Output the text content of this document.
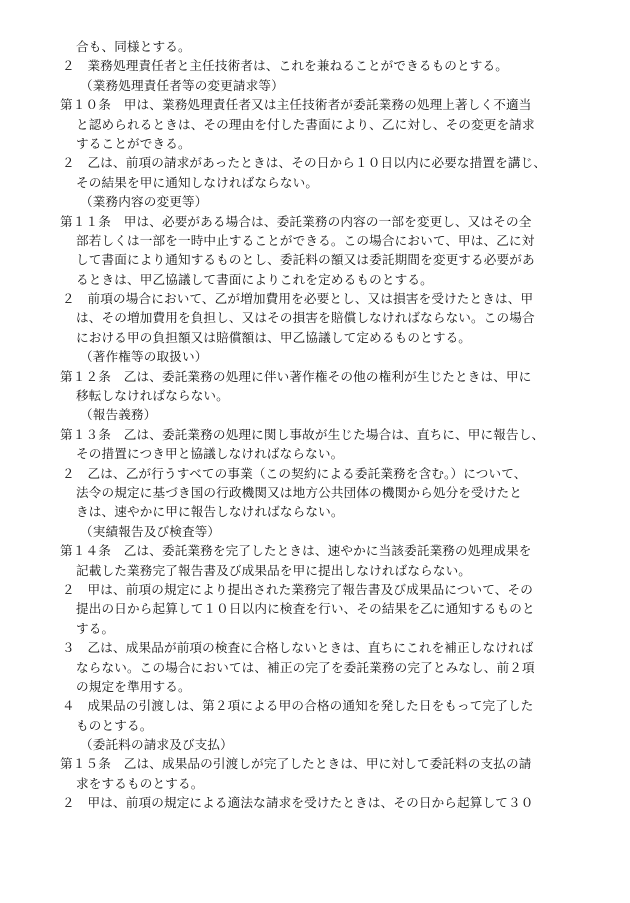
合も、同様とする。
２　業務処理責任者と主任技術者は、これを兼ねることができるものとする。
（業務処理責任者等の変更請求等）
第１０条　甲は、業務処理責任者又は主任技術者が委託業務の処理上著しく不適当
と認められるときは、その理由を付した書面により、乙に対し、その変更を請求
することができる。
２　乙は、前項の請求があったときは、その日から１０日以内に必要な措置を講じ、
その結果を甲に通知しなければならない。
（業務内容の変更等）
第１１条　甲は、必要がある場合は、委託業務の内容の一部を変更し、又はその全
部若しくは一部を一時中止することができる。この場合において、甲は、乙に対
して書面により通知するものとし、委託料の額又は委託期間を変更する必要があ
るときは、甲乙協議して書面によりこれを定めるものとする。
２　前項の場合において、乙が増加費用を必要とし、又は損害を受けたときは、甲
は、その増加費用を負担し、又はその損害を賠償しなければならない。この場合
における甲の負担額又は賠償額は、甲乙協議して定めるものとする。
（著作権等の取扱い）
第１２条　乙は、委託業務の処理に伴い著作権その他の権利が生じたときは、甲に
移転しなければならない。
（報告義務）
第１３条　乙は、委託業務の処理に関し事故が生じた場合は、直ちに、甲に報告し、
その措置につき甲と協議しなければならない。
２　乙は、乙が行うすべての事業（この契約による委託業務を含む。）について、
法令の規定に基づき国の行政機関又は地方公共団体の機関から処分を受けたと
きは、速やかに甲に報告しなければならない。
（実績報告及び検査等）
第１４条　乙は、委託業務を完了したときは、速やかに当該委託業務の処理成果を
記載した業務完了報告書及び成果品を甲に提出しなければならない。
２　甲は、前項の規定により提出された業務完了報告書及び成果品について、その
提出の日から起算して１０日以内に検査を行い、その結果を乙に通知するものと
する。
３　乙は、成果品が前項の検査に合格しないときは、直ちにこれを補正しなければ
ならない。この場合においては、補正の完了を委託業務の完了とみなし、前２項
の規定を準用する。
４　成果品の引渡しは、第２項による甲の合格の通知を発した日をもって完了した
ものとする。
（委託料の請求及び支払）
第１５条　乙は、成果品の引渡しが完了したときは、甲に対して委託料の支払の請
求をするものとする。
２　甲は、前項の規定による適法な請求を受けたときは、その日から起算して３０
